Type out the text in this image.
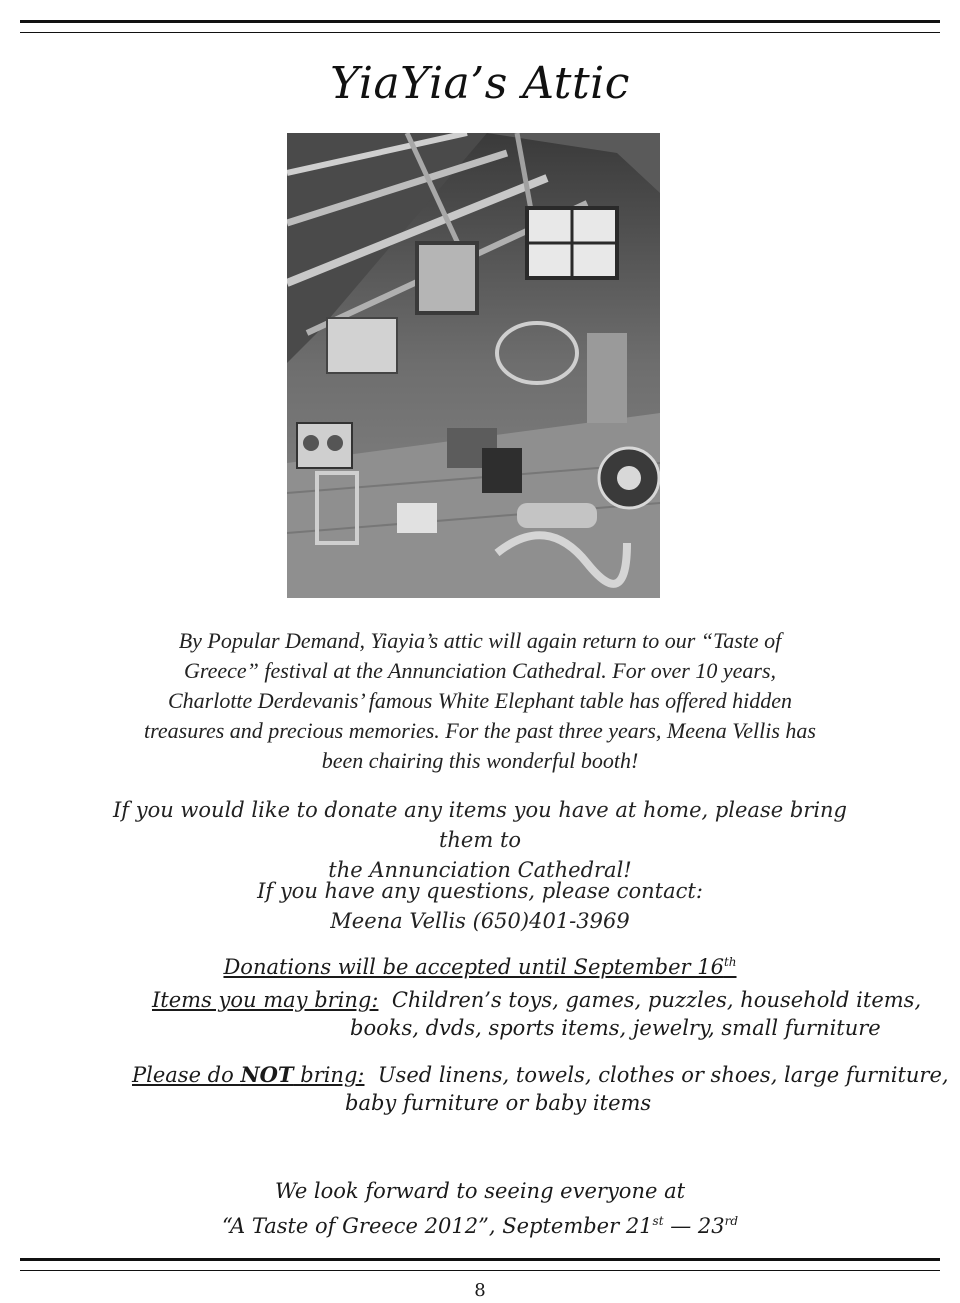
YiaYia’s Attic
By Popular Demand, Yiayia’s attic will again return to our “Taste of
Greece” festival at the Annunciation Cathedral. For over 10 years,
Charlotte Derdevanis’ famous White Elephant table has offered hidden
treasures and precious memories. For the past three years, Meena Vellis has
been chairing this wonderful booth!
If you would like to donate any items you have at home, please bring them to
the Annunciation Cathedral!
If you have any questions, please contact:
Meena Vellis (650)401-3969
Donations will be accepted until September 16th
Items you may bring: Children’s toys, games, puzzles, household items,
books, dvds, sports items, jewelry, small furniture
Please do NOT bring: Used linens, towels, clothes or shoes, large furniture,
baby furniture or baby items
We look forward to seeing everyone at
“A Taste of Greece 2012”, September 21st — 23rd
8
